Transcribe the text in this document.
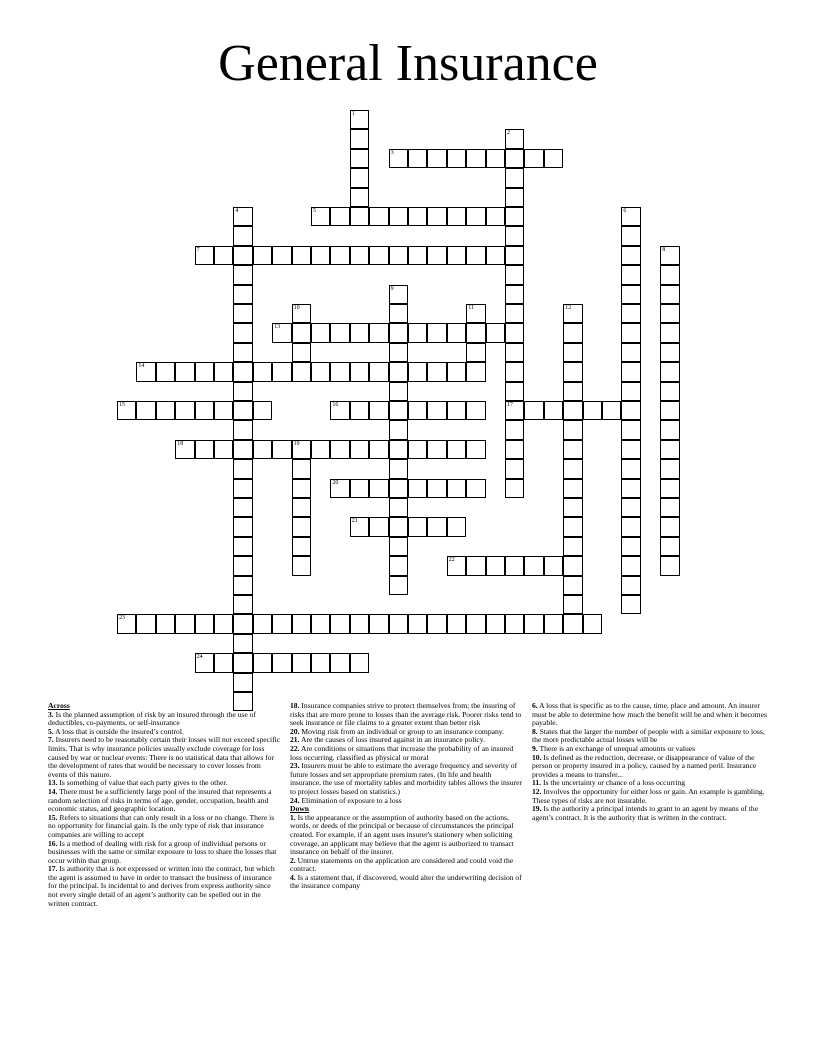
General Insurance
1
2
17
3
4	5	6
7	8
9
10	11	12
13
14
15	16
18	19
20
21
22
23
24

Across

3. Is the planned assumption of risk by an insured through the use of deductibles, co-payments, or self-insurance

5. A loss that is outside the insured’s control.

7. Insurers need to be reasonably certain their losses will not exceed specific limits. That is why insurance policies usually exclude coverage for loss caused by war or nuclear events: There is no statistical data that allows for the development of rates that would be necessary to cover losses from events of this nature.

13. Is something of value that each party gives to the other.

14. There must be a sufficiently large pool of the insured that represents a random selection of risks in terms of age, gender, occupation, health and economic status, and geographic location.

15. Refers to situations that can only result in a loss or no change. There is no opportunity for financial gain. Is the only type of risk that insurance companies are willing to accept

16. Is a method of dealing with risk for a group of individual persons or businesses with the same or similar exposure to loss to share the losses that occur within that group.

17. Is authority that is not expressed or written into the contract, but which the agent is assumed to have in order to transact the business of insurance for the principal. Is incidental to and derives from express authority since not every single detail of an agent’s authority can be spelled out in the written contract.

18. Insurance companies strive to protect themselves from; the insuring of risks that are more prone to losses than the average risk. Poorer risks tend to seek insurance or file claims to a greater extent than better risk

20. Moving risk from an individual or group to an insurance company.

21. Are the causes of loss insured against in an insurance policy.

22. Are conditions or situations that increase the probability of an insured loss occurring. classified as physical or moral

23. Insurers must be able to estimate the average frequency and severity of future losses and set appropriate premium rates. (In life and health insurance, the use of mortality tables and morbidity tables allows the insurer to project losses based on statistics.)

24. Elimination of exposure to a loss

Down

1. Is the appearance or the assumption of authority based on the actions, words, or deeds of the principal or because of circumstances the principal created. For example, if an agent uses insurer's stationery when soliciting coverage, an applicant may believe that the agent is authorized to transact insurance on behalf of the insurer.

2. Untrue statements on the application are considered and could void the contract.

4. Is a statement that, if discovered, would alter the underwriting decision of the insurance company

6. A loss that is specific as to the cause, time, place and amount. An insurer must be able to determine how much the benefit will be and when it becomes payable.

8. States that the larger the number of people with a similar exposure to loss, the more predictable actual losses will be

9. There is an exchange of unequal amounts or values

10. Is defined as the reduction, decrease, or disappearance of value of the person or property insured in a policy, caused by a named peril. Insurance provides a means to transfer...

11. Is the uncertainty or chance of a loss occurring

12. Involves the opportunity for either loss or gain. An example is gambling. These types of risks are not insurable.

19. Is the authority a principal intends to grant to an agent by means of the agent’s contract. It is the authority that is written in the contract.
